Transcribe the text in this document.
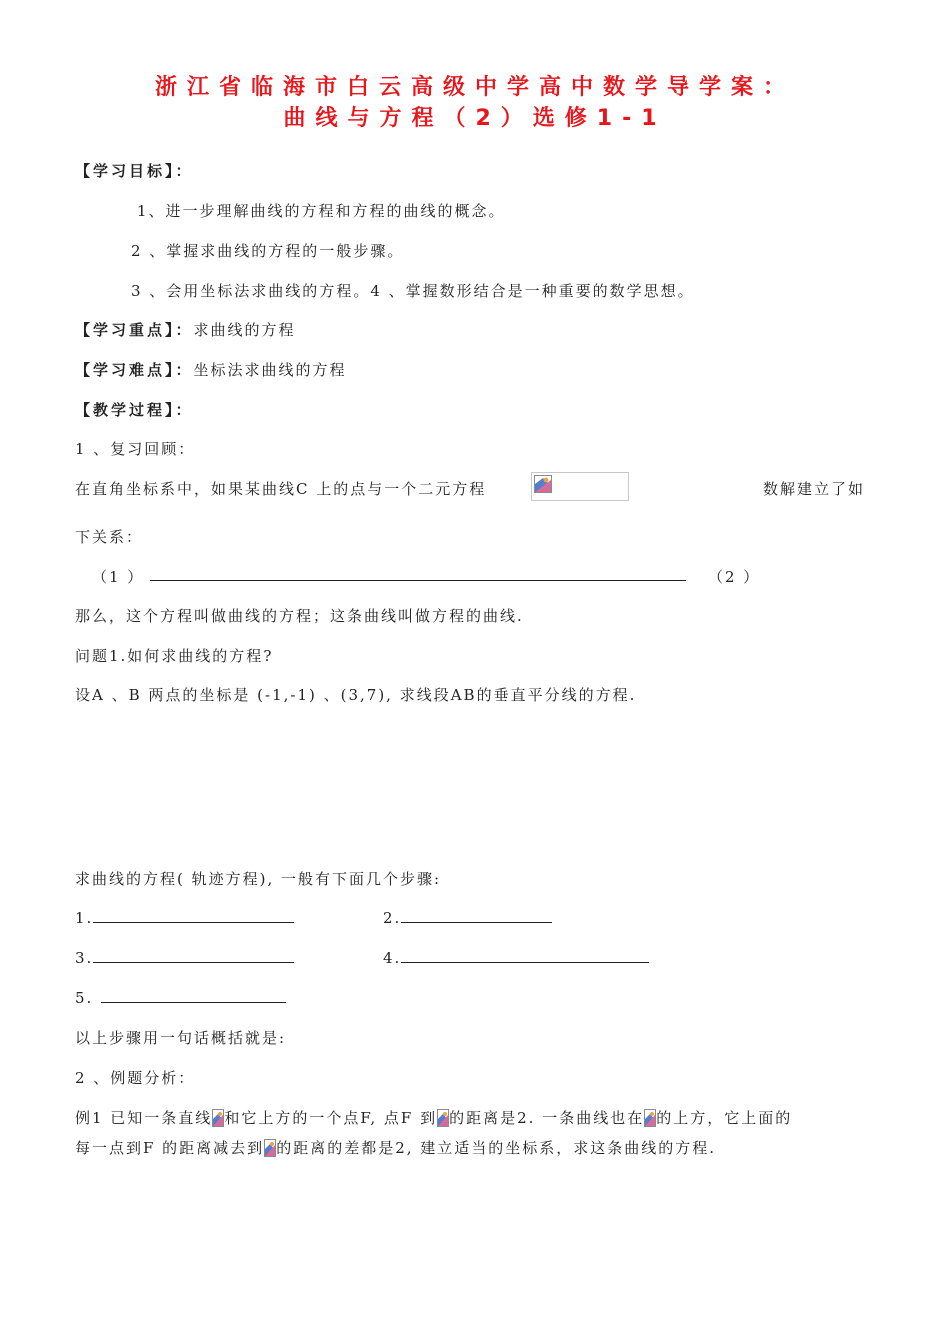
浙江省临海市白云高级中学高中数学导学案：
曲线与方程（2）选修1-1
【学习目标】：
1、进一步理解曲线的方程和方程的曲线的概念。
2 、掌握求曲线的方程的一般步骤。
3 、会用坐标法求曲线的方程。4 、掌握数形结合是一种重要的数学思想。
【学习重点】：求曲线的方程
【学习难点】：坐标法求曲线的方程
【教学过程】：
1 、复习回顾：
在直角坐标系中，如果某曲线C 上的点与一个二元方程	数解建立了如
下关系：
（1 ）	（2 ）
那么，这个方程叫做曲线的方程；这条曲线叫做方程的曲线.
问题1.如何求曲线的方程?
设A 、B 两点的坐标是 (-1,-1) 、(3,7), 求线段AB的垂直平分线的方程.
求曲线的方程( 轨迹方程), 一般有下面几个步骤:
1.	2.
3.	4.
5.
以上步骤用一句话概括就是:
2 、例题分析：
例1 已知一条直线 和它上方的一个点F, 点F 到 的距离是2. 一条曲线也在 的上方，它上面的
每一点到F 的距离减去到 的距离的差都是2, 建立适当的坐标系，求这条曲线的方程.
